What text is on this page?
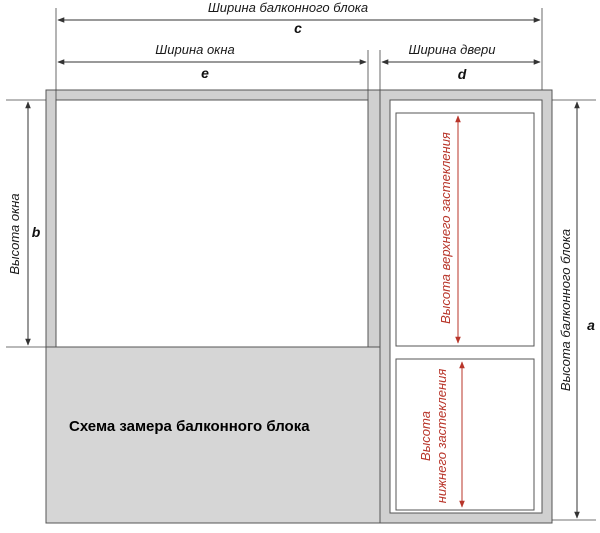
Ширина балконного блока
c
Ширина окна
e
Ширина двери
d
Высота окна b	Высота балконного блока a
Высота верхнего застекления
Высота нижнего застекления
Схема замера балконного блока
